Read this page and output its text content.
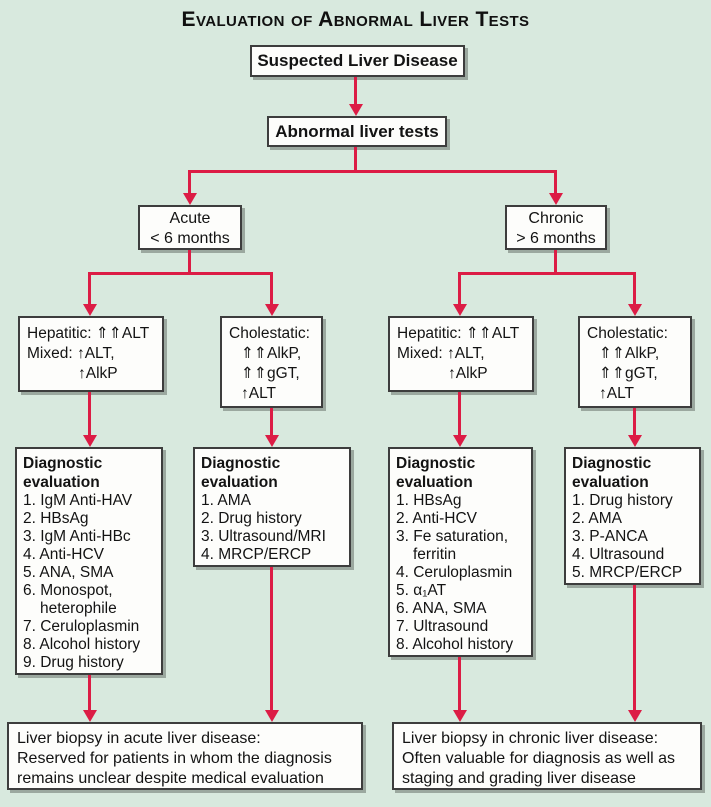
Evaluation of Abnormal Liver Tests
Suspected Liver Disease
Abnormal liver tests
Acute
< 6 months
Chronic
> 6 months
Hepatitic: ⇑⇑ALT
Mixed: ↑ALT,
↑AlkP
Cholestatic:
⇑⇑AlkP,
⇑⇑gGT,
↑ALT
Hepatitic: ⇑⇑ALT
Mixed: ↑ALT,
↑AlkP
Cholestatic:
⇑⇑AlkP,
⇑⇑gGT,
↑ALT
Diagnostic evaluation
1. IgM Anti-HAV
2. HBsAg
3. IgM Anti-HBc
4. Anti-HCV
5. ANA, SMA
6. Monospot, heterophile
7. Ceruloplasmin
8. Alcohol history
9. Drug history
Diagnostic evaluation
1. AMA
2. Drug history
3. Ultrasound/MRI
4. MRCP/ERCP
Diagnostic evaluation
1. HBsAg
2. Anti-HCV
3. Fe saturation, ferritin
4. Ceruloplasmin
5. α₁AT
6. ANA, SMA
7. Ultrasound
8. Alcohol history
Diagnostic evaluation
1. Drug history
2. AMA
3. P-ANCA
4. Ultrasound
5. MRCP/ERCP
Liver biopsy in acute liver disease:
Reserved for patients in whom the diagnosis
remains unclear despite medical evaluation
Liver biopsy in chronic liver disease:
Often valuable for diagnosis as well as
staging and grading liver disease
